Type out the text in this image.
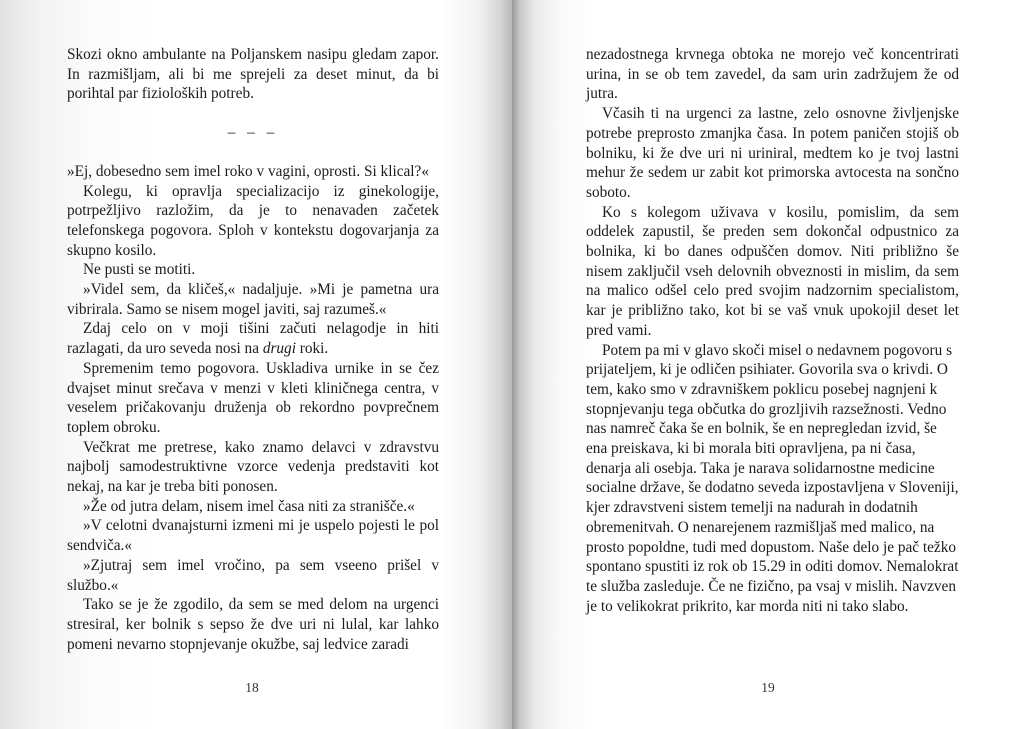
Skozi okno ambulante na Poljanskem nasipu gledam zapor. In razmišljam, ali bi me sprejeli za deset minut, da bi porihtal par fizioloških potreb.

– – –

»Ej, dobesedno sem imel roko v vagini, oprosti. Si klical?«

Kolegu, ki opravlja specializacijo iz ginekologije, potrpežljivo razložim, da je to nenavaden začetek telefonskega pogovora. Sploh v kontekstu dogovarjanja za skupno kosilo.

Ne pusti se motiti.

»Videl sem, da kličeš,« nadaljuje. »Mi je pametna ura vibrirala. Samo se nisem mogel javiti, saj razumeš.«

Zdaj celo on v moji tišini začuti nelagodje in hiti razlagati, da uro seveda nosi na drugi roki.

Spremenim temo pogovora. Uskladiva urnike in se čez dvajset minut srečava v menzi v kleti kliničnega centra, v veselem pričakovanju druženja ob rekordno povprečnem toplem obroku.

Večkrat me pretrese, kako znamo delavci v zdravstvu najbolj samodestruktivne vzorce vedenja predstaviti kot nekaj, na kar je treba biti ponosen.

»Že od jutra delam, nisem imel časa niti za stranišče.«

»V celotni dvanajsturni izmeni mi je uspelo pojesti le pol sendviča.«

»Zjutraj sem imel vročino, pa sem vseeno prišel v službo.«

Tako se je že zgodilo, da sem se med delom na urgenci stresiral, ker bolnik s sepso že dve uri ni lulal, kar lahko pomeni nevarno stopnjevanje okužbe, saj ledvice zaradi

18

nezadostnega krvnega obtoka ne morejo več koncentrirati urina, in se ob tem zavedel, da sam urin zadržujem že od jutra.

Včasih ti na urgenci za lastne, zelo osnovne življenjske potrebe preprosto zmanjka časa. In potem paničen stojiš ob bolniku, ki že dve uri ni uriniral, medtem ko je tvoj lastni mehur že sedem ur zabit kot primorska avtocesta na sončno soboto.

Ko s kolegom uživava v kosilu, pomislim, da sem oddelek zapustil, še preden sem dokončal odpustnico za bolnika, ki bo danes odpuščen domov. Niti približno še nisem zaključil vseh delovnih obveznosti in mislim, da sem na malico odšel celo pred svojim nadzornim specialistom, kar je približno tako, kot bi se vaš vnuk upokojil deset let pred vami.

Potem pa mi v glavo skoči misel o nedavnem pogovoru s prijateljem, ki je odličen psihiater. Govorila sva o krivdi. O tem, kako smo v zdravniškem poklicu posebej nagnjeni k stopnjevanju tega občutka do grozljivih razsežnosti. Vedno nas namreč čaka še en bolnik, še en nepregledan izvid, še ena preiskava, ki bi morala biti opravljena, pa ni časa, denarja ali osebja. Taka je narava solidarnostne medicine socialne države, še dodatno seveda izpostavljena v Sloveniji, kjer zdravstveni sistem temelji na nadurah in dodatnih obremenitvah. O nenarejenem razmišljaš med malico, na prosto popoldne, tudi med dopustom. Naše delo je pač težko spontano spustiti iz rok ob 15.29 in oditi domov. Nemalokrat te služba zasleduje. Če ne fizično, pa vsaj v mislih. Navzven je to velikokrat prikrito, kar morda niti ni tako slabo.

19
